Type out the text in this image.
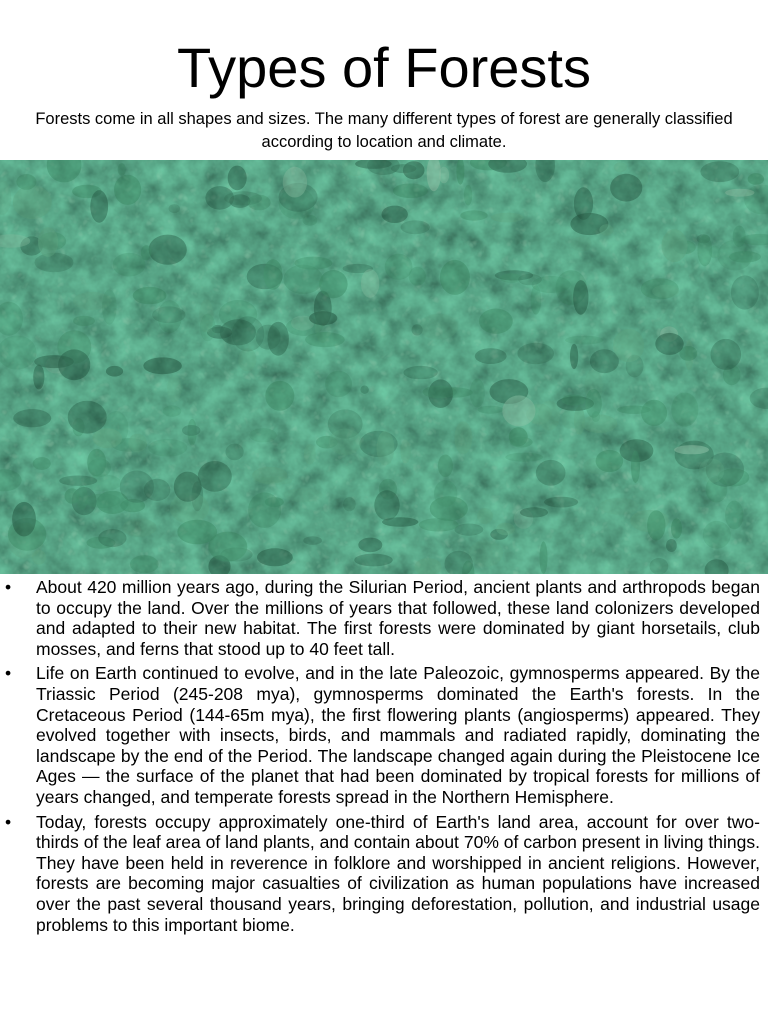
Types of Forests

Forests come in all shapes and sizes. The many different types of forest are generally classified according to location and climate.

• About 420 million years ago, during the Silurian Period, ancient plants and arthropods began to occupy the land. Over the millions of years that followed, these land colonizers developed and adapted to their new habitat. The first forests were dominated by giant horsetails, club mosses, and ferns that stood up to 40 feet tall.
• Life on Earth continued to evolve, and in the late Paleozoic, gymnosperms appeared. By the Triassic Period (245-208 mya), gymnosperms dominated the Earth's forests. In the Cretaceous Period (144-65m mya), the first flowering plants (angiosperms) appeared. They evolved together with insects, birds, and mammals and radiated rapidly, dominating the landscape by the end of the Period. The landscape changed again during the Pleistocene Ice Ages — the surface of the planet that had been dominated by tropical forests for millions of years changed, and temperate forests spread in the Northern Hemisphere.
• Today, forests occupy approximately one-third of Earth's land area, account for over two-thirds of the leaf area of land plants, and contain about 70% of carbon present in living things. They have been held in reverence in folklore and worshipped in ancient religions. However, forests are becoming major casualties of civilization as human populations have increased over the past several thousand years, bringing deforestation, pollution, and industrial usage problems to this important biome.
